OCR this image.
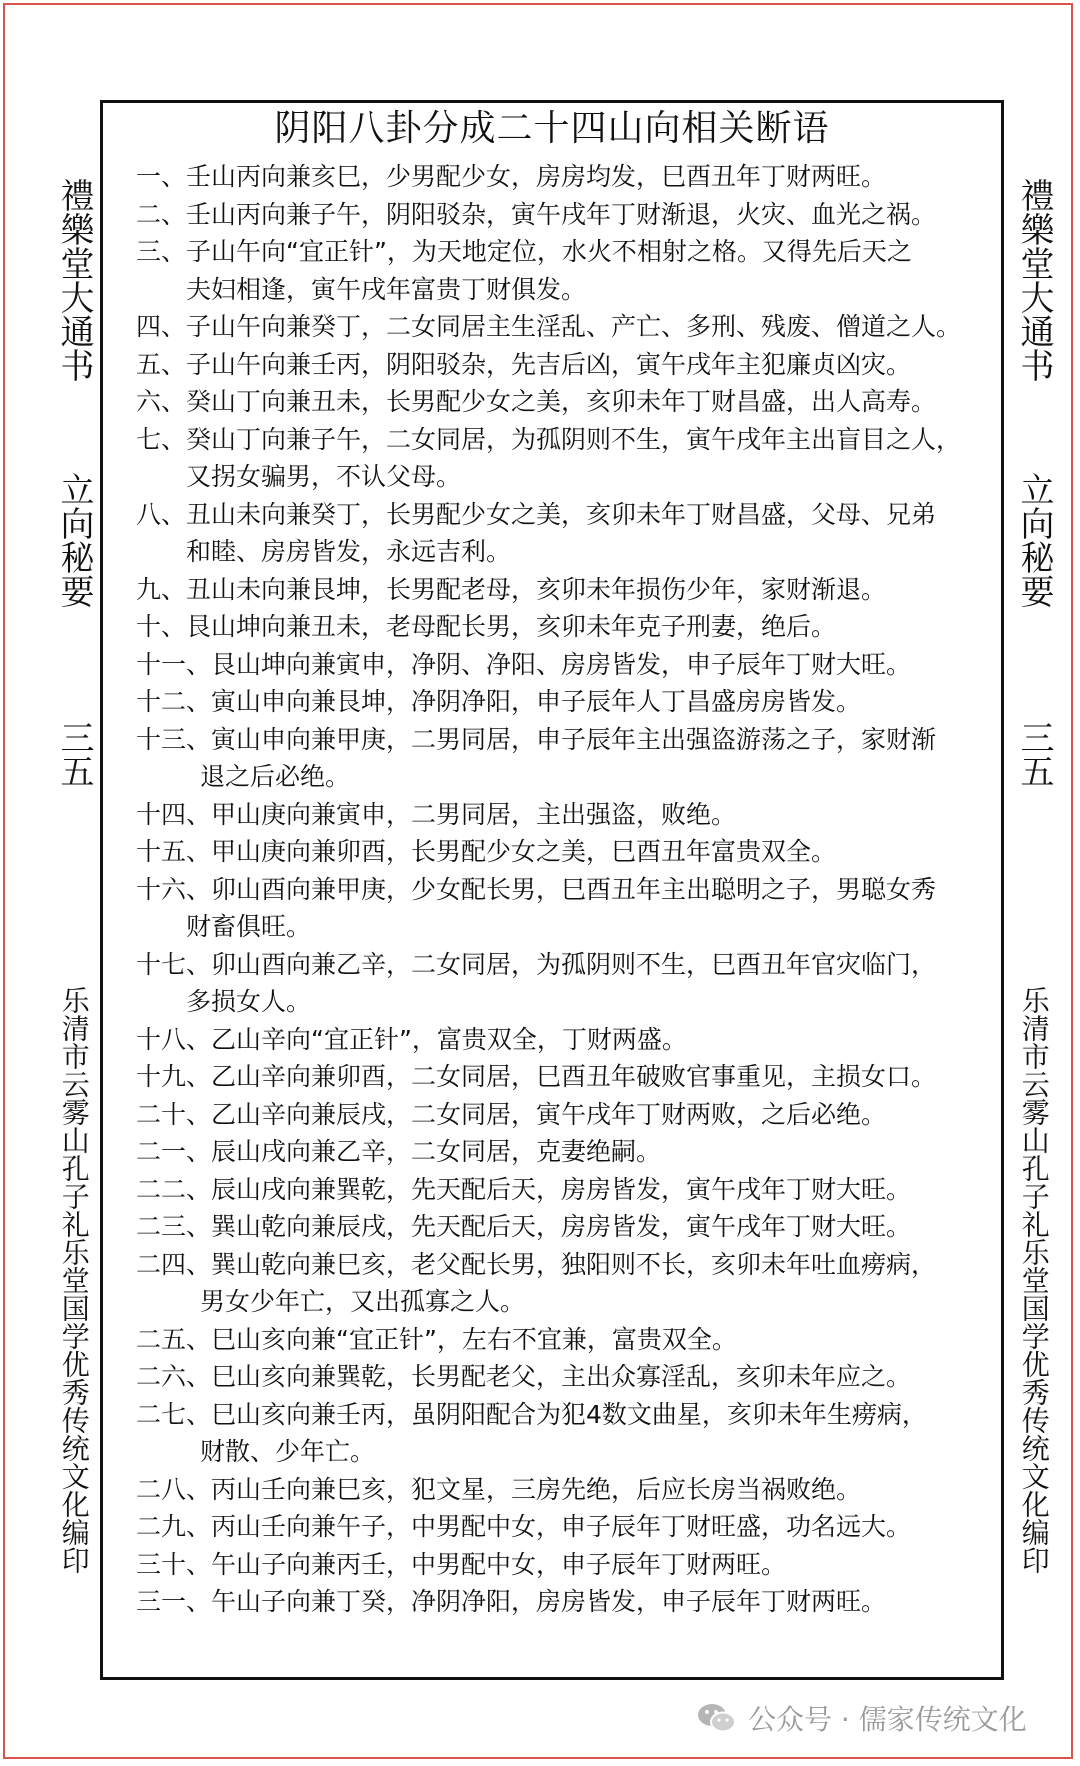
阴阳八卦分成二十四山向相关断语
一、壬山丙向兼亥巳，少男配少女，房房均发，巳酉丑年丁财两旺。
二、壬山丙向兼子午，阴阳驳杂，寅午戌年丁财渐退，火灾、血光之祸。
三、子山午向“宜正针”，为天地定位，水火不相射之格。又得先后天之
夫妇相逢，寅午戌年富贵丁财俱发。
四、子山午向兼癸丁，二女同居主生淫乱、产亡、多刑、残废、僧道之人。
五、子山午向兼壬丙，阴阳驳杂，先吉后凶，寅午戌年主犯廉贞凶灾。
六、癸山丁向兼丑未，长男配少女之美，亥卯未年丁财昌盛，出人高寿。
七、癸山丁向兼子午，二女同居，为孤阴则不生，寅午戌年主出盲目之人，
又拐女骗男，不认父母。
八、丑山未向兼癸丁，长男配少女之美，亥卯未年丁财昌盛，父母、兄弟
和睦、房房皆发，永远吉利。
九、丑山未向兼艮坤，长男配老母，亥卯未年损伤少年，家财渐退。
十、艮山坤向兼丑未，老母配长男，亥卯未年克子刑妻，绝后。
十一、艮山坤向兼寅申，净阴、净阳、房房皆发，申子辰年丁财大旺。
十二、寅山申向兼艮坤，净阴净阳，申子辰年人丁昌盛房房皆发。
十三、寅山申向兼甲庚，二男同居，申子辰年主出强盗游荡之子，家财渐
退之后必绝。
十四、甲山庚向兼寅申，二男同居，主出强盗，败绝。
十五、甲山庚向兼卯酉，长男配少女之美，巳酉丑年富贵双全。
十六、卯山酉向兼甲庚，少女配长男，巳酉丑年主出聪明之子，男聪女秀
财畜俱旺。
十七、卯山酉向兼乙辛，二女同居，为孤阴则不生，巳酉丑年官灾临门，
多损女人。
十八、乙山辛向“宜正针”，富贵双全，丁财两盛。
十九、乙山辛向兼卯酉，二女同居，巳酉丑年破败官事重见，主损女口。
二十、乙山辛向兼辰戌，二女同居，寅午戌年丁财两败，之后必绝。
二一、辰山戌向兼乙辛，二女同居，克妻绝嗣。
二二、辰山戌向兼巽乾，先天配后天，房房皆发，寅午戌年丁财大旺。
二三、巽山乾向兼辰戌，先天配后天，房房皆发，寅午戌年丁财大旺。
二四、巽山乾向兼巳亥，老父配长男，独阳则不长，亥卯未年吐血痨病，
男女少年亡，又出孤寡之人。
二五、巳山亥向兼“宜正针”，左右不宜兼，富贵双全。
二六、巳山亥向兼巽乾，长男配老父，主出众寡淫乱，亥卯未年应之。
二七、巳山亥向兼壬丙，虽阴阳配合为犯4数文曲星，亥卯未年生痨病，
财散、少年亡。
二八、丙山壬向兼巳亥，犯文星，三房先绝，后应长房当祸败绝。
二九、丙山壬向兼午子，中男配中女，申子辰年丁财旺盛，功名远大。
三十、午山子向兼丙壬，中男配中女，申子辰年丁财两旺。
三一、午山子向兼丁癸，净阴净阳，房房皆发，申子辰年丁财两旺。
禮樂堂大通书
立向秘要
三五
乐清市云雾山孔子礼乐堂国学优秀传统文化编印
禮樂堂大通书
立向秘要
三五
乐清市云雾山孔子礼乐堂国学优秀传统文化编印
公众号 · 儒家传统文化
